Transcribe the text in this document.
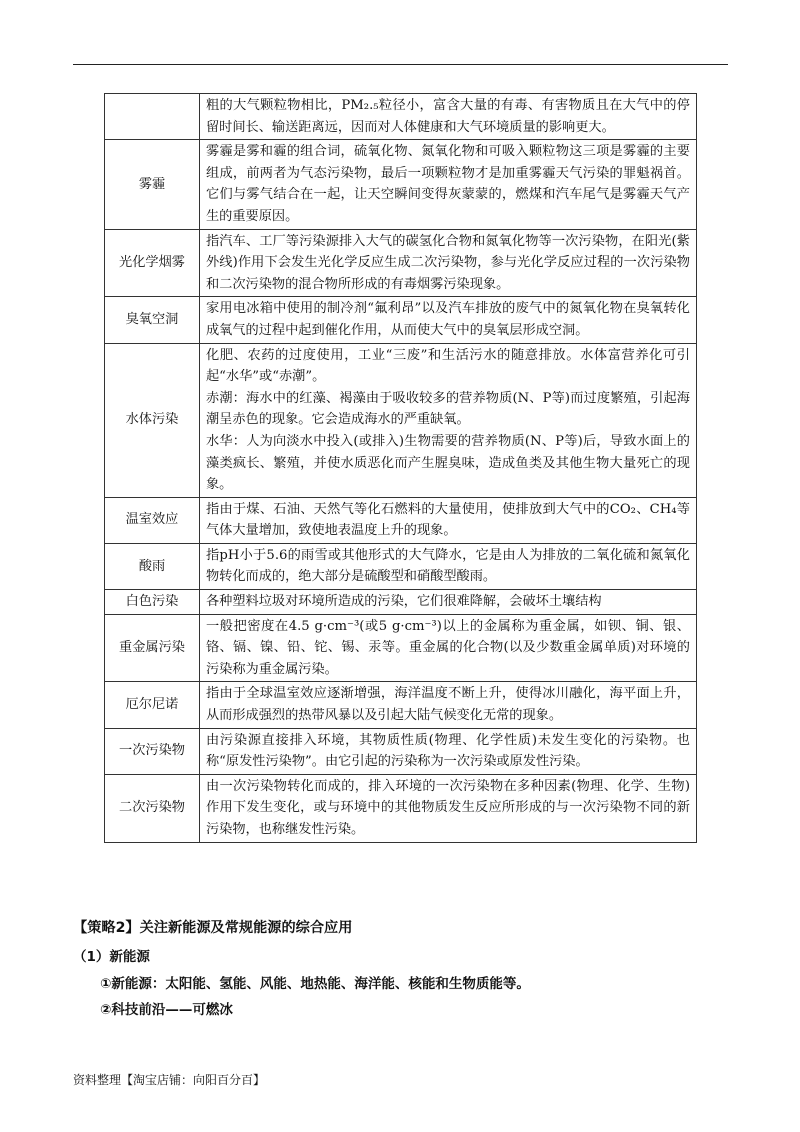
	粗的大气颗粒物相比，PM₂.₅粒径小，富含大量的有毒、有害物质且在大气中的停留时间长、输送距离远，因而对人体健康和大气环境质量的影响更大。

雾霾	雾霾是雾和霾的组合词，硫氧化物、氮氧化物和可吸入颗粒物这三项是雾霾的主要组成，前两者为气态污染物，最后一项颗粒物才是加重雾霾天气污染的罪魁祸首。它们与雾气结合在一起，让天空瞬间变得灰蒙蒙的，燃煤和汽车尾气是雾霾天气产生的重要原因。

光化学烟雾	指汽车、工厂等污染源排入大气的碳氢化合物和氮氧化物等一次污染物，在阳光(紫外线)作用下会发生光化学反应生成二次污染物，参与光化学反应过程的一次污染物和二次污染物的混合物所形成的有毒烟雾污染现象。

臭氧空洞	家用电冰箱中使用的制冷剂“氟利昂”以及汽车排放的废气中的氮氧化物在臭氧转化成氧气的过程中起到催化作用，从而使大气中的臭氧层形成空洞。

水体污染	化肥、农药的过度使用，工业“三废”和生活污水的随意排放。水体富营养化可引起“水华”或“赤潮”。

赤潮：海水中的红藻、褐藻由于吸收较多的营养物质(N、P等)而过度繁殖，引起海潮呈赤色的现象。它会造成海水的严重缺氧。

水华：人为向淡水中投入(或排入)生物需要的营养物质(N、P等)后，导致水面上的藻类疯长、繁殖，并使水质恶化而产生腥臭味，造成鱼类及其他生物大量死亡的现象。

温室效应	指由于煤、石油、天然气等化石燃料的大量使用，使排放到大气中的CO₂、CH₄等气体大量增加，致使地表温度上升的现象。

酸雨	指pH小于5.6的雨雪或其他形式的大气降水，它是由人为排放的二氧化硫和氮氧化物转化而成的，绝大部分是硫酸型和硝酸型酸雨。

白色污染	各种塑料垃圾对环境所造成的污染，它们很难降解，会破坏土壤结构

重金属污染	一般把密度在4.5 g·cm⁻³(或5 g·cm⁻³)以上的金属称为重金属，如钡、铜、银、铬、镉、镍、铅、铊、锡、汞等。重金属的化合物(以及少数重金属单质)对环境的污染称为重金属污染。

厄尔尼诺	指由于全球温室效应逐渐增强，海洋温度不断上升，使得冰川融化，海平面上升，从而形成强烈的热带风暴以及引起大陆气候变化无常的现象。

一次污染物	由污染源直接排入环境，其物质性质(物理、化学性质)未发生变化的污染物。也称“原发性污染物”。由它引起的污染称为一次污染或原发性污染。

二次污染物	由一次污染物转化而成的，排入环境的一次污染物在多种因素(物理、化学、生物)作用下发生变化，或与环境中的其他物质发生反应所形成的与一次污染物不同的新污染物，也称继发性污染。

【策略2】关注新能源及常规能源的综合应用

（1）新能源

①新能源：太阳能、氢能、风能、地热能、海洋能、核能和生物质能等。

②科技前沿——可燃冰

资料整理【淘宝店铺：向阳百分百】
